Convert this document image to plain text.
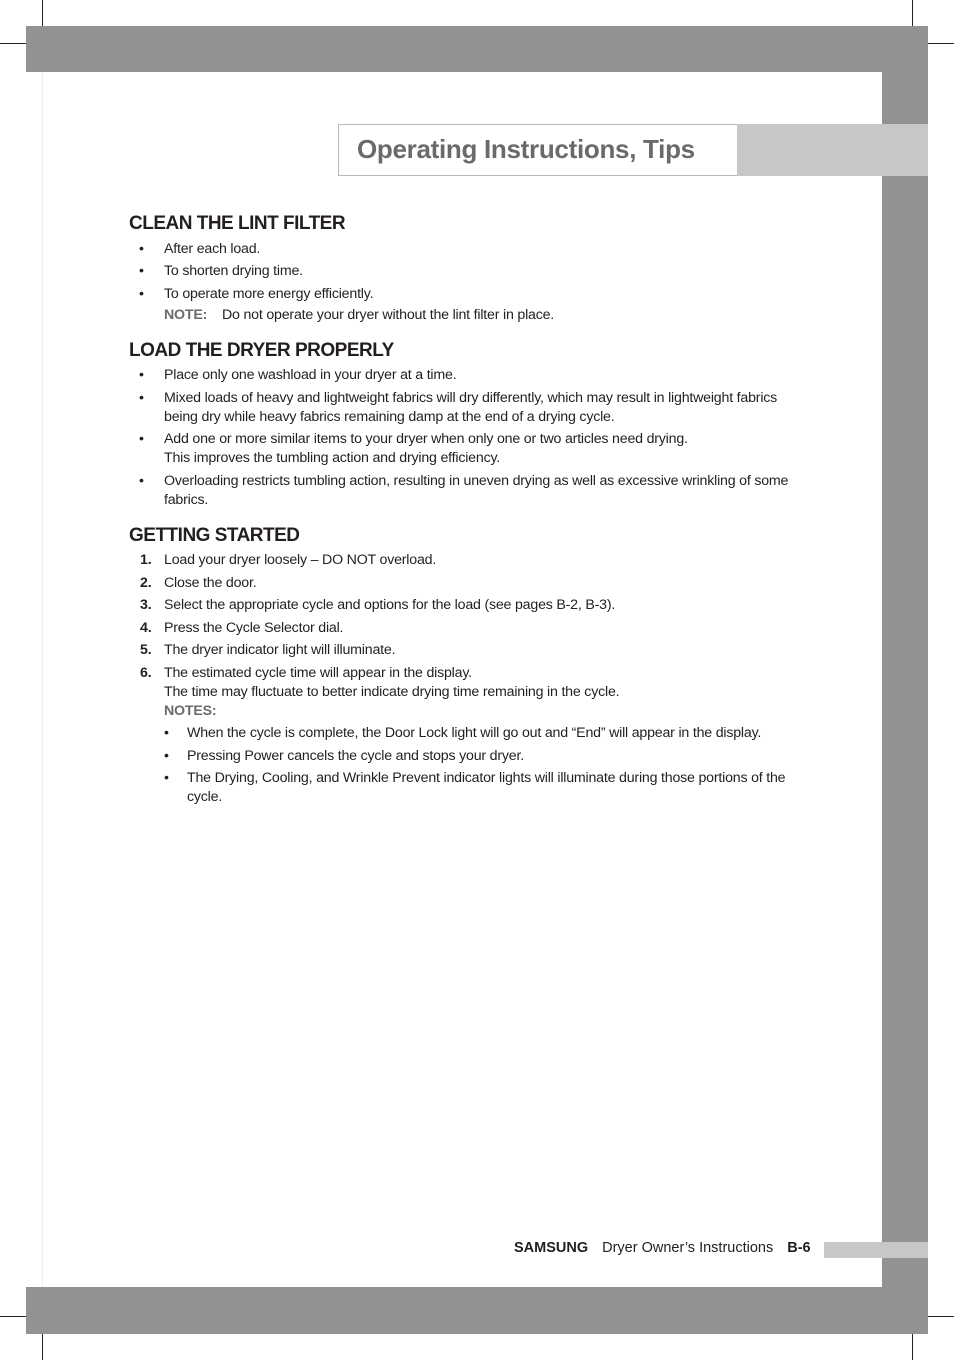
Operating Instructions, Tips
CLEAN THE LINT FILTER
• After each load.
• To shorten drying time.
• To operate more energy efficiently.
NOTE: Do not operate your dryer without the lint filter in place.
LOAD THE DRYER PROPERLY
• Place only one washload in your dryer at a time.
• Mixed loads of heavy and lightweight fabrics will dry differently, which may result in lightweight fabrics being dry while heavy fabrics remaining damp at the end of a drying cycle.
• Add one or more similar items to your dryer when only one or two articles need drying.
This improves the tumbling action and drying efficiency.
• Overloading restricts tumbling action, resulting in uneven drying as well as excessive wrinkling of some fabrics.
GETTING STARTED
1. Load your dryer loosely – DO NOT overload.
2. Close the door.
3. Select the appropriate cycle and options for the load (see pages B-2, B-3).
4. Press the Cycle Selector dial.
5. The dryer indicator light will illuminate.
6. The estimated cycle time will appear in the display.
The time may fluctuate to better indicate drying time remaining in the cycle.
NOTES:
• When the cycle is complete, the Door Lock light will go out and “End” will appear in the display.
• Pressing Power cancels the cycle and stops your dryer.
• The Drying, Cooling, and Wrinkle Prevent indicator lights will illuminate during those portions of the cycle.
SAMSUNG Dryer Owner’s Instructions B-6
